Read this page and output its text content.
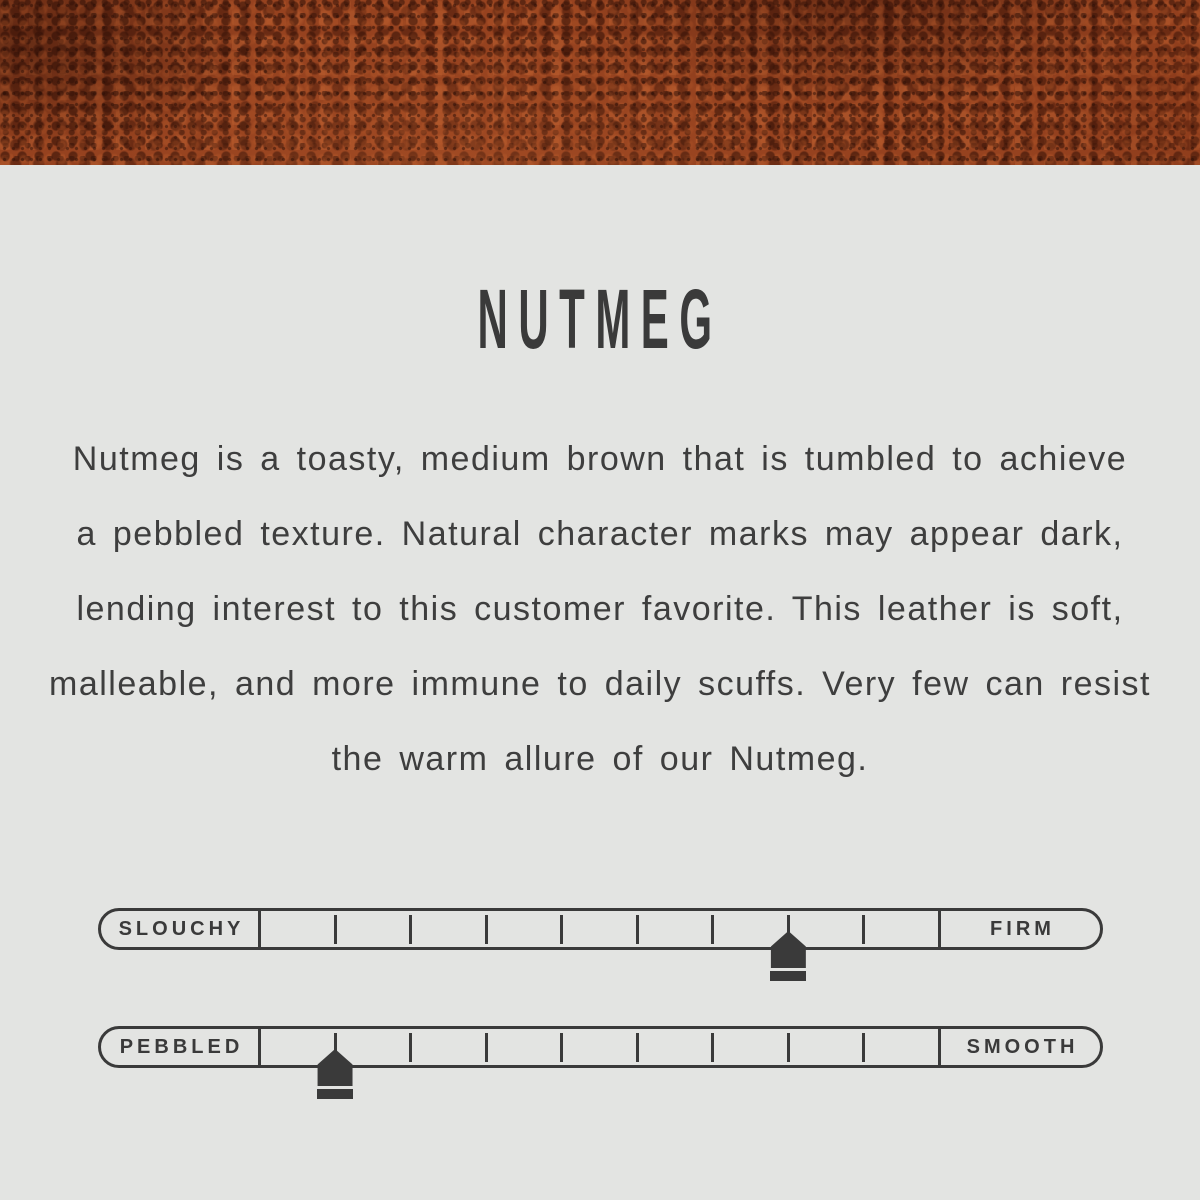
NUTMEG
Nutmeg is a toasty, medium brown that is tumbled to achieve
a pebbled texture. Natural character marks may appear dark,
lending interest to this customer favorite. This leather is soft,
malleable, and more immune to daily scuffs. Very few can resist
the warm allure of our Nutmeg.
SLOUCHY	FIRM
PEBBLED	SMOOTH
